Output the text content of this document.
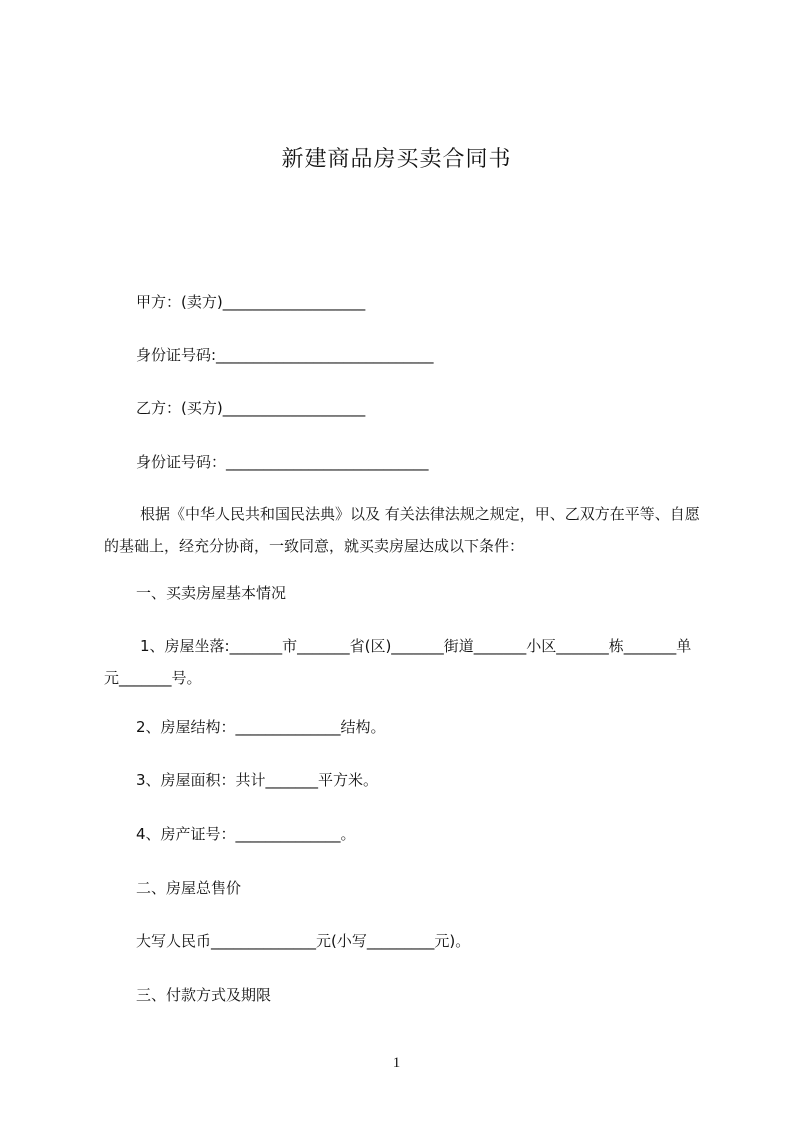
新建商品房买卖合同书
甲方：(卖方)___________________
身份证号码:_____________________________
乙方：(买方)___________________
身份证号码：___________________________
根据《中华人民共和国民法典》以及 有关法律法规之规定，甲、乙双方在平等、自愿的基础上，经充分协商，一致同意，就买卖房屋达成以下条件：
一、买卖房屋基本情况
1、房屋坐落:_______市_______省(区)_______街道_______小区_______栋_______单元_______号。
2、房屋结构：______________结构。
3、房屋面积：共计_______平方米。
4、房产证号：______________。
二、房屋总售价
大写人民币______________元(小写_________元)。
三、付款方式及期限
1
